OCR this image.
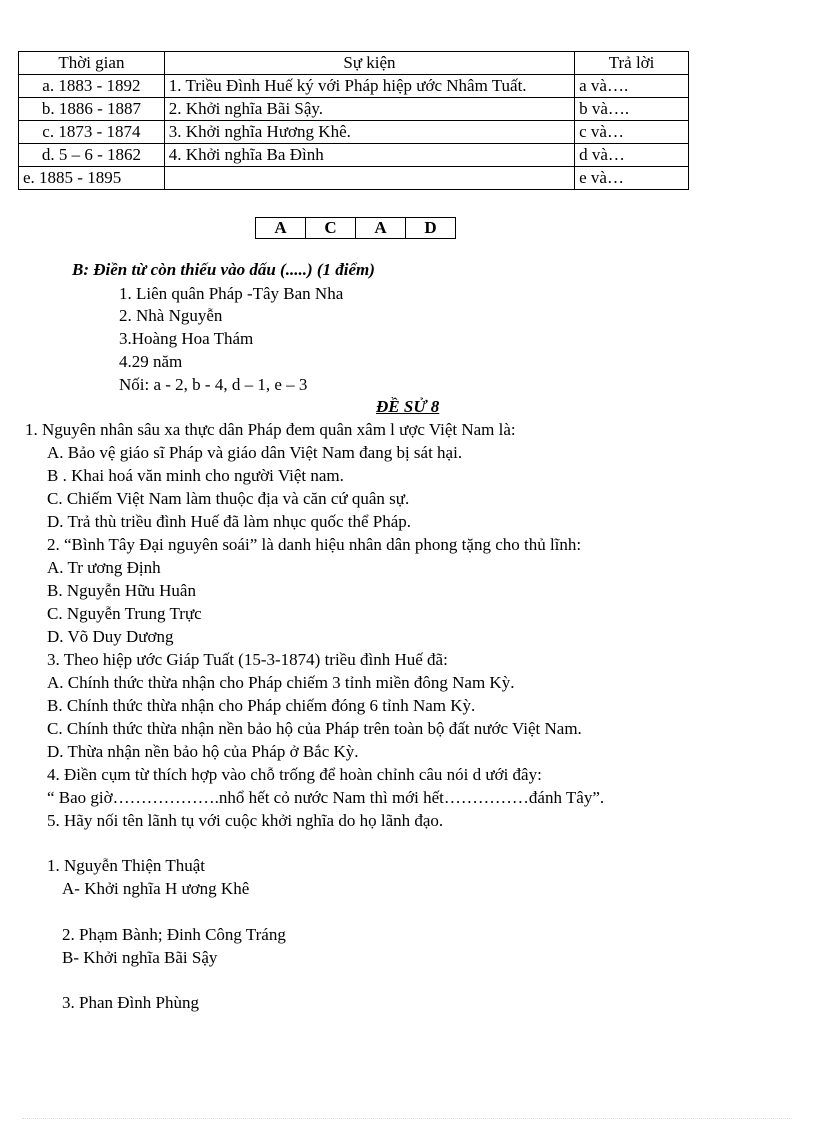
Thời gian	Sự kiện	Trả lời
a. 1883 - 1892	1. Triều Đình Huế ký với Pháp hiệp ước Nhâm Tuất.	a và….
b. 1886 - 1887	2. Khởi nghĩa Bãi Sậy.	b và….
c. 1873 - 1874	3. Khởi nghĩa Hương Khê.	c và…
d. 5 – 6 - 1862	4. Khởi nghĩa Ba Đình	d và…
e. 1885 - 1895		e và…
A	C	A	D
B: Điền từ còn thiếu vào dấu (.....) (1 điểm)
1. Liên quân Pháp -Tây Ban Nha
2. Nhà Nguyễn
3.Hoàng Hoa Thám
4.29 năm
Nối: a - 2, b - 4, d – 1, e – 3
ĐỀ SỬ 8
1. Nguyên nhân sâu xa thực dân Pháp đem quân xâm l ược Việt Nam là:
A. Bảo vệ giáo sĩ Pháp và giáo dân Việt Nam đang bị sát hại.
B . Khai hoá văn minh cho người Việt nam.
C. Chiếm Việt Nam làm thuộc địa và căn cứ quân sự.
D. Trả thù triều đình Huế đã làm nhục quốc thể Pháp.
2. “Bình Tây Đại nguyên soái” là danh hiệu nhân dân phong tặng cho thủ lĩnh:
A. Tr ương Định
B. Nguyễn Hữu Huân
C. Nguyễn Trung Trực
D. Võ Duy Dương
3. Theo hiệp ước Giáp Tuất (15-3-1874) triều đình Huế đã:
A. Chính thức thừa nhận cho Pháp chiếm 3 tỉnh miền đông Nam Kỳ.
B. Chính thức thừa nhận cho Pháp chiếm đóng 6 tỉnh Nam Kỳ.
C. Chính thức thừa nhận nền bảo hộ của Pháp trên toàn bộ đất nước Việt Nam.
D. Thừa nhận nền bảo hộ của Pháp ở Bắc Kỳ.
4. Điền cụm từ thích hợp vào chỗ trống để hoàn chỉnh câu nói d ưới đây:
“ Bao giờ……………….nhổ hết cỏ nước Nam thì mới hết……………đánh Tây”.
5. Hãy nối tên lãnh tụ với cuộc khởi nghĩa do họ lãnh đạo.
1. Nguyễn Thiện Thuật
A- Khởi nghĩa H ương Khê
2. Phạm Bành; Đinh Công Tráng
B- Khởi nghĩa Bãi Sậy
3. Phan Đình Phùng
